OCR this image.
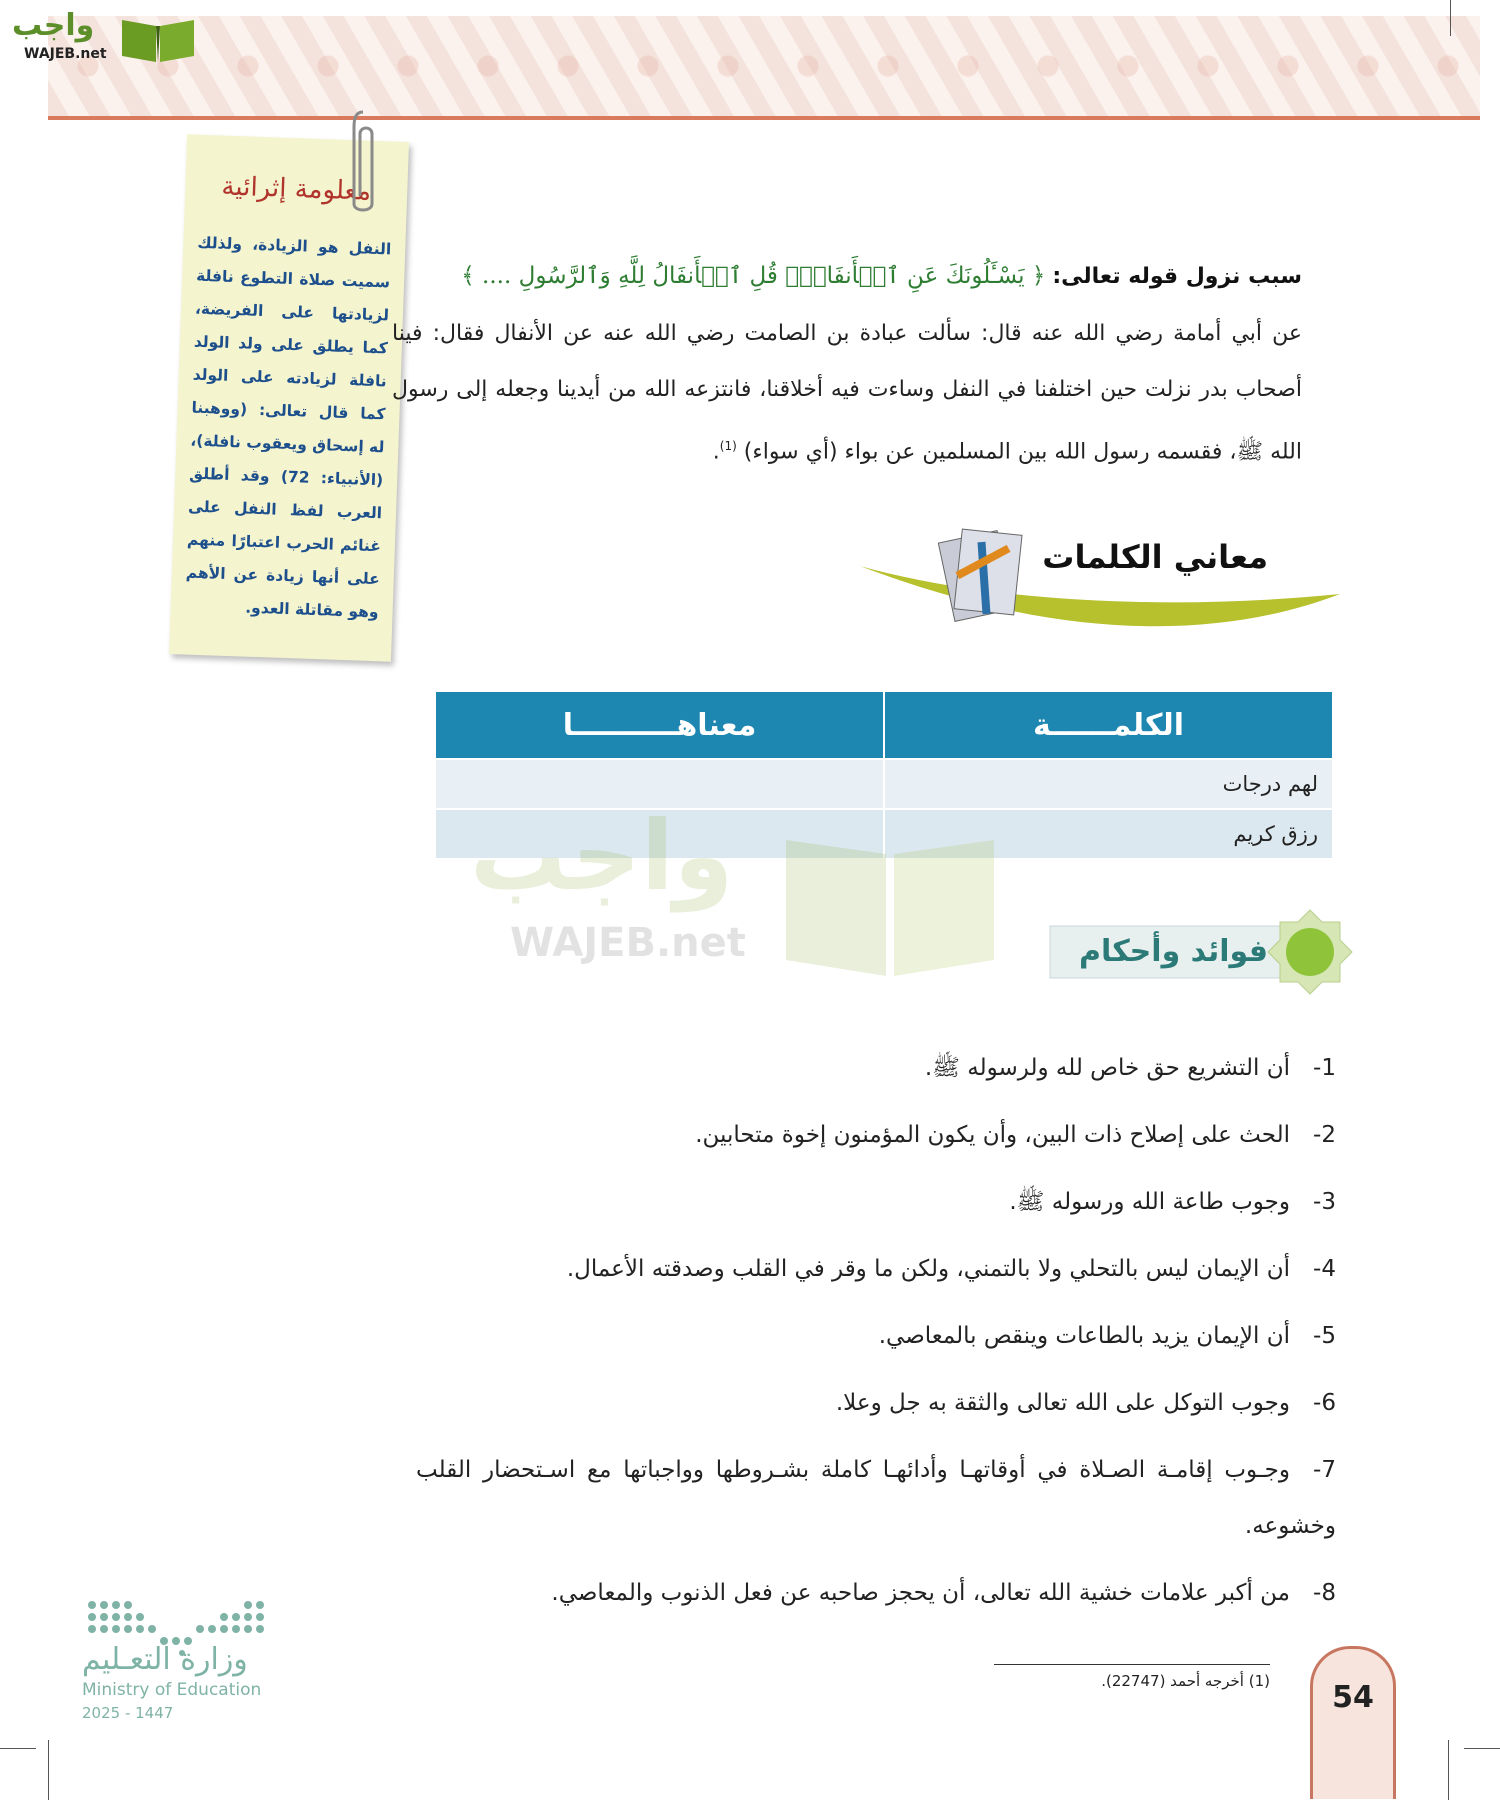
واجب
WAJEB.net
معلومة إثرائية
النفل هو الزيادة، ولذلك سميت صلاة التطوع نافلة لزيادتها على الفريضة، كما يطلق على ولد الولد نافلة لزيادته على الولد كما قال تعالى: (ووهبنا له إسحاق ويعقوب نافلة)، (الأنبياء: 72) وقد أطلق العرب لفظ النفل على غنائم الحرب اعتبارًا منهم على أنها زيادة عن الأهم وهو مقاتلة العدو.
سبب نزول قوله تعالى: ﴿ يَسْـَٔلُونَكَ عَنِ ٱلۡأَنفَالِۖ قُلِ ٱلۡأَنفَالُ لِلَّهِ وَٱلرَّسُولِ .... ﴾
عن أبي أمامة رضي الله عنه قال: سألت عبادة بن الصامت رضي الله عنه عن الأنفال فقال: فينا أصحاب بدر نزلت حين اختلفنا في النفل وساءت فيه أخلاقنا، فانتزعه الله من أيدينا وجعله إلى رسول الله ﷺ، فقسمه رسول الله بين المسلمين عن بواء (أي سواء) $^{(1)}$.
معاني الكلمات
الكلمــــــة	معناهــــــــــا
لهم درجات	
رزق كريم	
واجب
WAJEB.net	فوائد وأحكام
1-أن التشريع حق خاص لله ولرسوله ﷺ.
2-الحث على إصلاح ذات البين، وأن يكون المؤمنون إخوة متحابين.
3-وجوب طاعة الله ورسوله ﷺ.
4-أن الإيمان ليس بالتحلي ولا بالتمني، ولكن ما وقر في القلب وصدقته الأعمال.
5-أن الإيمان يزيد بالطاعات وينقص بالمعاصي.
6-وجوب التوكل على الله تعالى والثقة به جل وعلا.
7-وجـوب إقامـة الصـلاة في أوقاتهـا وأدائهـا كاملة بشـروطها وواجباتها مع اسـتحضار القلب وخشوعه.
8-من أكبر علامات خشية الله تعالى، أن يحجز صاحبه عن فعل الذنوب والمعاصي.
(1) أخرجه أحمد (22747).	54
وزارة التعـليم
Ministry of Education
2025 - 1447
